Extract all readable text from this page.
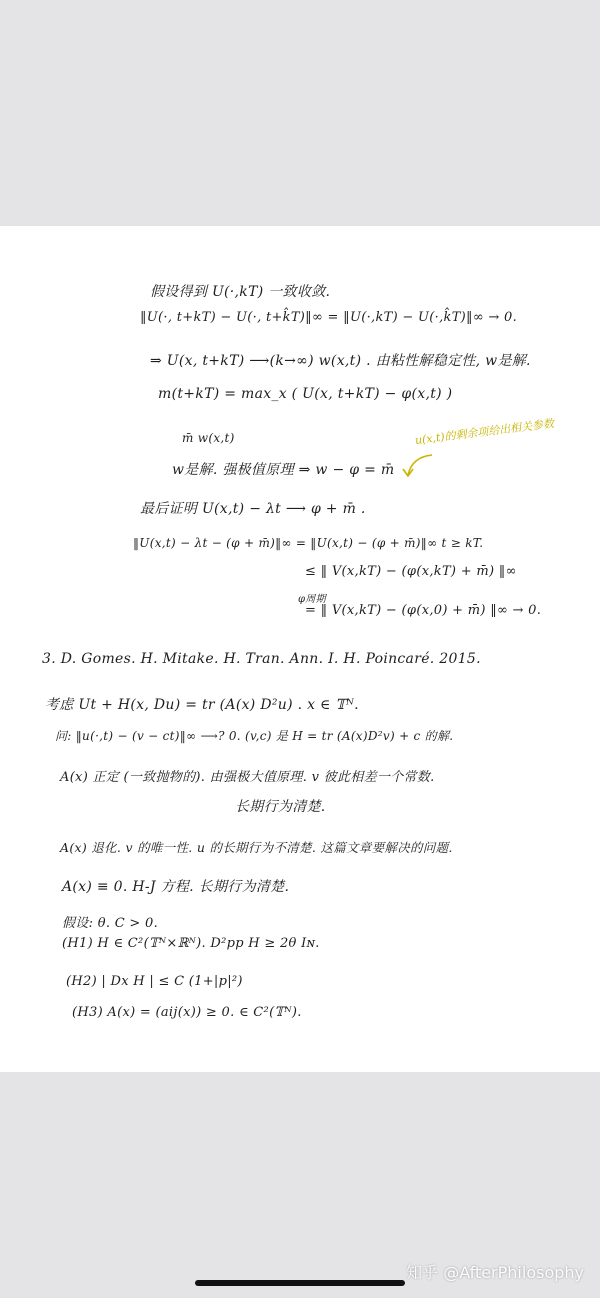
假设得到 U(·,kT) 一致收敛.
‖U(·, t+kT) − U(·, t+k̂T)‖∞ = ‖U(·,kT) − U(·,k̂T)‖∞ → 0.
⇒ U(x, t+kT) ⟶(k→∞) w(x,t) . 由粘性解稳定性, w是解.
m(t+kT) = max_x ( U(x, t+kT) − φ(x,t) )
m̄ w(x,t)	u(x,t)的剩余项给出相关参数
w是解. 强极值原理 ⇒ w − φ = m̄
最后证明 U(x,t) − λt ⟶ φ + m̄ .
‖U(x,t) − λt − (φ + m̄)‖∞ = ‖U(x,t) − (φ + m̄)‖∞ t ≥ kT.
≤ ‖ V(x,kT) − (φ(x,kT) + m̄) ‖∞
φ周期
= ‖ V(x,kT) − (φ(x,0) + m̄) ‖∞ → 0.
3. D. Gomes. H. Mitake. H. Tran. Ann. I. H. Poincaré. 2015.
考虑 Ut + H(x, Du) = tr (A(x) D²u) . x ∈ 𝕋ᴺ.
问: ‖u(·,t) − (v − ct)‖∞ ⟶? 0. (v,c) 是 H = tr (A(x)D²v) + c 的解.
A(x) 正定 (一致抛物的). 由强极大值原理. v 彼此相差一个常数.
长期行为清楚.
A(x) 退化. v 的唯一性. u 的长期行为不清楚. 这篇文章要解决的问题.
A(x) ≡ 0. H-J 方程. 长期行为清楚.
假设: θ. C > 0.
(H1) H ∈ C²(𝕋ᴺ×ℝᴺ). D²pp H ≥ 2θ Iɴ.
(H2) | Dx H | ≤ C (1+|p|²)
(H3) A(x) = (aij(x)) ≥ 0. ∈ C²(𝕋ᴺ).
知乎 @AfterPhilosophy
